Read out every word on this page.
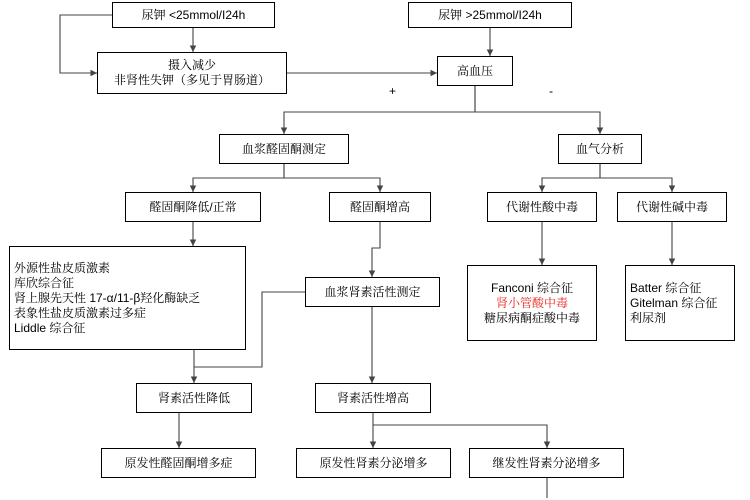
尿钾 <25mmol/I24h	尿钾 >25mmol/I24h
摄入减少
非肾性失钾（多见于胃肠道）
高血压
血浆醛固酮测定	血气分析
醛固酮降低/正常	醛固酮增高	代谢性酸中毒	代谢性碱中毒
外源性盐皮质激素
库欣综合征
肾上腺先天性 17-α/11-β羟化酶缺乏
表象性盐皮质激素过多症
Liddle 综合征
Fanconi 综合征
肾小管酸中毒
糖尿病酮症酸中毒
Batter 综合征
Gitelman 综合征
利尿剂
血浆肾素活性测定
肾素活性降低	肾素活性增高
原发性醛固酮增多症	原发性肾素分泌增多	继发性肾素分泌增多
+	-
